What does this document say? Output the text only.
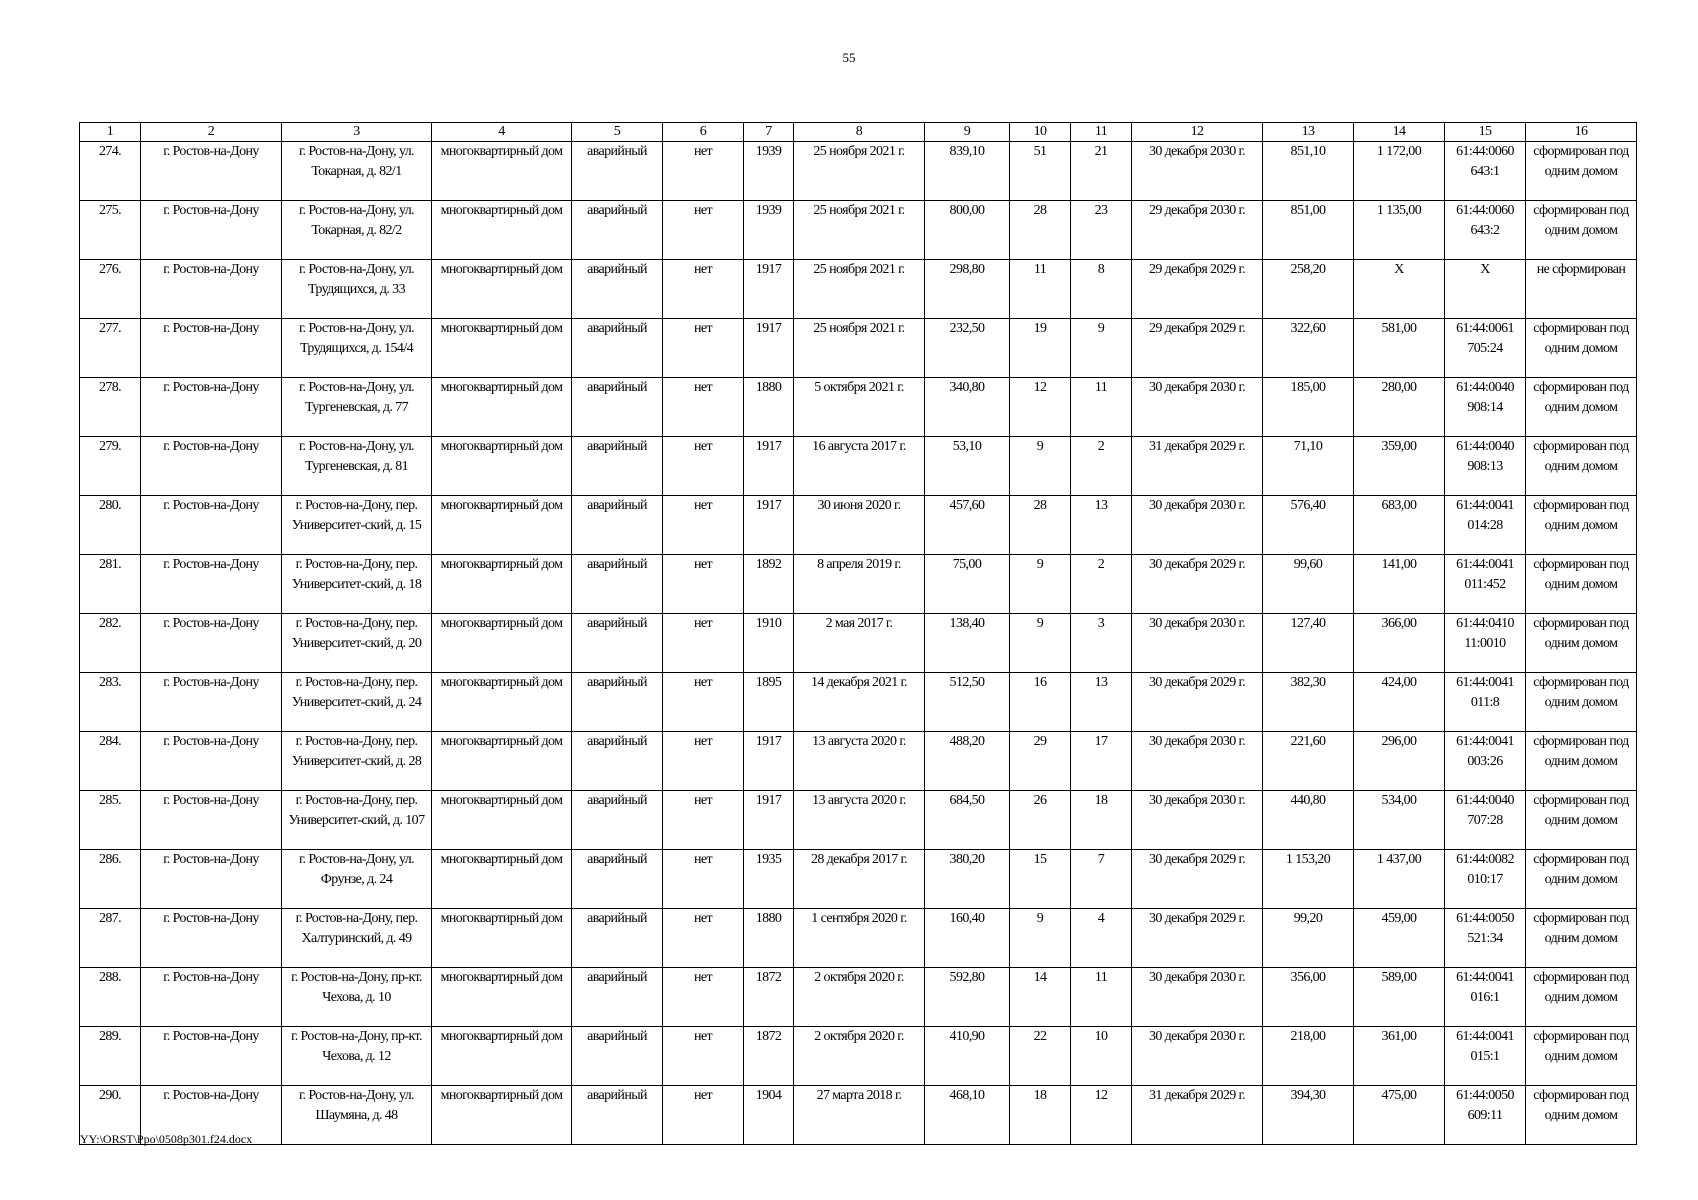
55
1	2	3	4	5	6	7	8	9	10	11	12	13	14	15	16
274.	г. Ростов-на-Дону	г. Ростов-на-Дону, ул. Токарная, д. 82/1	многоквартирный дом	аварийный	нет	1939	25 ноября 2021 г.	839,10	51	21	30 декабря 2030 г.	851,10	1 172,00	61:44:0060 643:1	сформирован под одним домом
275.	г. Ростов-на-Дону	г. Ростов-на-Дону, ул. Токарная, д. 82/2	многоквартирный дом	аварийный	нет	1939	25 ноября 2021 г.	800,00	28	23	29 декабря 2030 г.	851,00	1 135,00	61:44:0060 643:2	сформирован под одним домом
276.	г. Ростов-на-Дону	г. Ростов-на-Дону, ул. Трудящихся, д. 33	многоквартирный дом	аварийный	нет	1917	25 ноября 2021 г.	298,80	11	8	29 декабря 2029 г.	258,20	X	X	не сформирован
277.	г. Ростов-на-Дону	г. Ростов-на-Дону, ул. Трудящихся, д. 154/4	многоквартирный дом	аварийный	нет	1917	25 ноября 2021 г.	232,50	19	9	29 декабря 2029 г.	322,60	581,00	61:44:0061 705:24	сформирован под одним домом
278.	г. Ростов-на-Дону	г. Ростов-на-Дону, ул. Тургеневская, д. 77	многоквартирный дом	аварийный	нет	1880	5 октября 2021 г.	340,80	12	11	30 декабря 2030 г.	185,00	280,00	61:44:0040 908:14	сформирован под одним домом
279.	г. Ростов-на-Дону	г. Ростов-на-Дону, ул. Тургеневская, д. 81	многоквартирный дом	аварийный	нет	1917	16 августа 2017 г.	53,10	9	2	31 декабря 2029 г.	71,10	359,00	61:44:0040 908:13	сформирован под одним домом
280.	г. Ростов-на-Дону	г. Ростов-на-Дону, пер. Университет-ский, д. 15	многоквартирный дом	аварийный	нет	1917	30 июня 2020 г.	457,60	28	13	30 декабря 2030 г.	576,40	683,00	61:44:0041 014:28	сформирован под одним домом
281.	г. Ростов-на-Дону	г. Ростов-на-Дону, пер. Университет-ский, д. 18	многоквартирный дом	аварийный	нет	1892	8 апреля 2019 г.	75,00	9	2	30 декабря 2029 г.	99,60	141,00	61:44:0041 011:452	сформирован под одним домом
282.	г. Ростов-на-Дону	г. Ростов-на-Дону, пер. Университет-ский, д. 20	многоквартирный дом	аварийный	нет	1910	2 мая 2017 г.	138,40	9	3	30 декабря 2030 г.	127,40	366,00	61:44:0410 11:0010	сформирован под одним домом
283.	г. Ростов-на-Дону	г. Ростов-на-Дону, пер. Университет-ский, д. 24	многоквартирный дом	аварийный	нет	1895	14 декабря 2021 г.	512,50	16	13	30 декабря 2029 г.	382,30	424,00	61:44:0041 011:8	сформирован под одним домом
284.	г. Ростов-на-Дону	г. Ростов-на-Дону, пер. Университет-ский, д. 28	многоквартирный дом	аварийный	нет	1917	13 августа 2020 г.	488,20	29	17	30 декабря 2030 г.	221,60	296,00	61:44:0041 003:26	сформирован под одним домом
285.	г. Ростов-на-Дону	г. Ростов-на-Дону, пер. Университет-ский, д. 107	многоквартирный дом	аварийный	нет	1917	13 августа 2020 г.	684,50	26	18	30 декабря 2030 г.	440,80	534,00	61:44:0040 707:28	сформирован под одним домом
286.	г. Ростов-на-Дону	г. Ростов-на-Дону, ул. Фрунзе, д. 24	многоквартирный дом	аварийный	нет	1935	28 декабря 2017 г.	380,20	15	7	30 декабря 2029 г.	1 153,20	1 437,00	61:44:0082 010:17	сформирован под одним домом
287.	г. Ростов-на-Дону	г. Ростов-на-Дону, пер. Халтуринский, д. 49	многоквартирный дом	аварийный	нет	1880	1 сентября 2020 г.	160,40	9	4	30 декабря 2029 г.	99,20	459,00	61:44:0050 521:34	сформирован под одним домом
288.	г. Ростов-на-Дону	г. Ростов-на-Дону, пр-кт. Чехова, д. 10	многоквартирный дом	аварийный	нет	1872	2 октября 2020 г.	592,80	14	11	30 декабря 2030 г.	356,00	589,00	61:44:0041 016:1	сформирован под одним домом
289.	г. Ростов-на-Дону	г. Ростов-на-Дону, пр-кт. Чехова, д. 12	многоквартирный дом	аварийный	нет	1872	2 октября 2020 г.	410,90	22	10	30 декабря 2030 г.	218,00	361,00	61:44:0041 015:1	сформирован под одним домом
290.	г. Ростов-на-Дону	г. Ростов-на-Дону, ул. Шаумяна, д. 48	многоквартирный дом	аварийный	нет	1904	27 марта 2018 г.	468,10	18	12	31 декабря 2029 г.	394,30	475,00	61:44:0050 609:11	сформирован под одним домом
YY:\ORST\Ppo\0508p301.f24.docx
